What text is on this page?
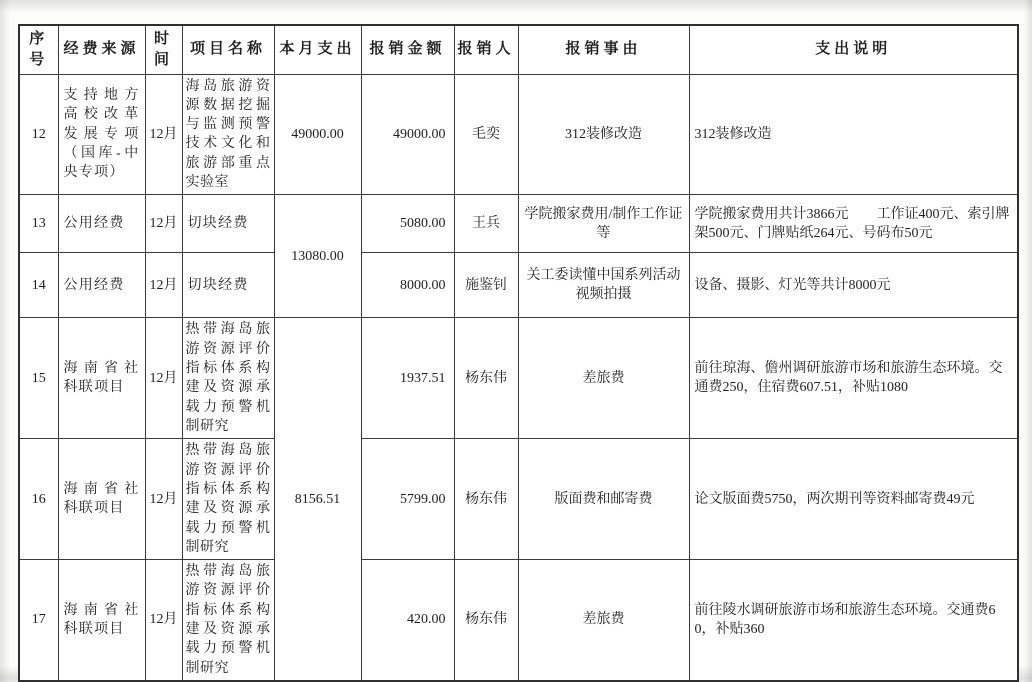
序号	经费来源	时间	项目名称	本月支出	报销金额	报销人	报销事由	支出说明
12	支持地方高校改革发展专项（国库-中央专项）	12月	海岛旅游资源数据挖掘与监测预警技术文化和旅游部重点实验室	49000.00	49000.00	毛奕	312装修改造	312装修改造
13	公用经费	12月	切块经费	13080.00	5080.00	王兵	学院搬家费用/制作工作证等	学院搬家费用共计3866元　　工作证400元、索引牌架500元、门牌贴纸264元、号码布50元
14	公用经费	12月	切块经费		8000.00	施鉴钊	关工委读懂中国系列活动视频拍摄	设备、摄影、灯光等共计8000元
15	海南省社科联项目	12月	热带海岛旅游资源评价指标体系构建及资源承载力预警机制研究	8156.51	1937.51	杨东伟	差旅费	前往琼海、儋州调研旅游市场和旅游生态环境。交通费250，住宿费607.51，补贴1080
16	海南省社科联项目	12月	热带海岛旅游资源评价指标体系构建及资源承载力预警机制研究		5799.00	杨东伟	版面费和邮寄费	论文版面费5750，两次期刊等资料邮寄费49元
17	海南省社科联项目	12月	热带海岛旅游资源评价指标体系构建及资源承载力预警机制研究		420.00	杨东伟	差旅费	前往陵水调研旅游市场和旅游生态环境。交通费60，补贴360
